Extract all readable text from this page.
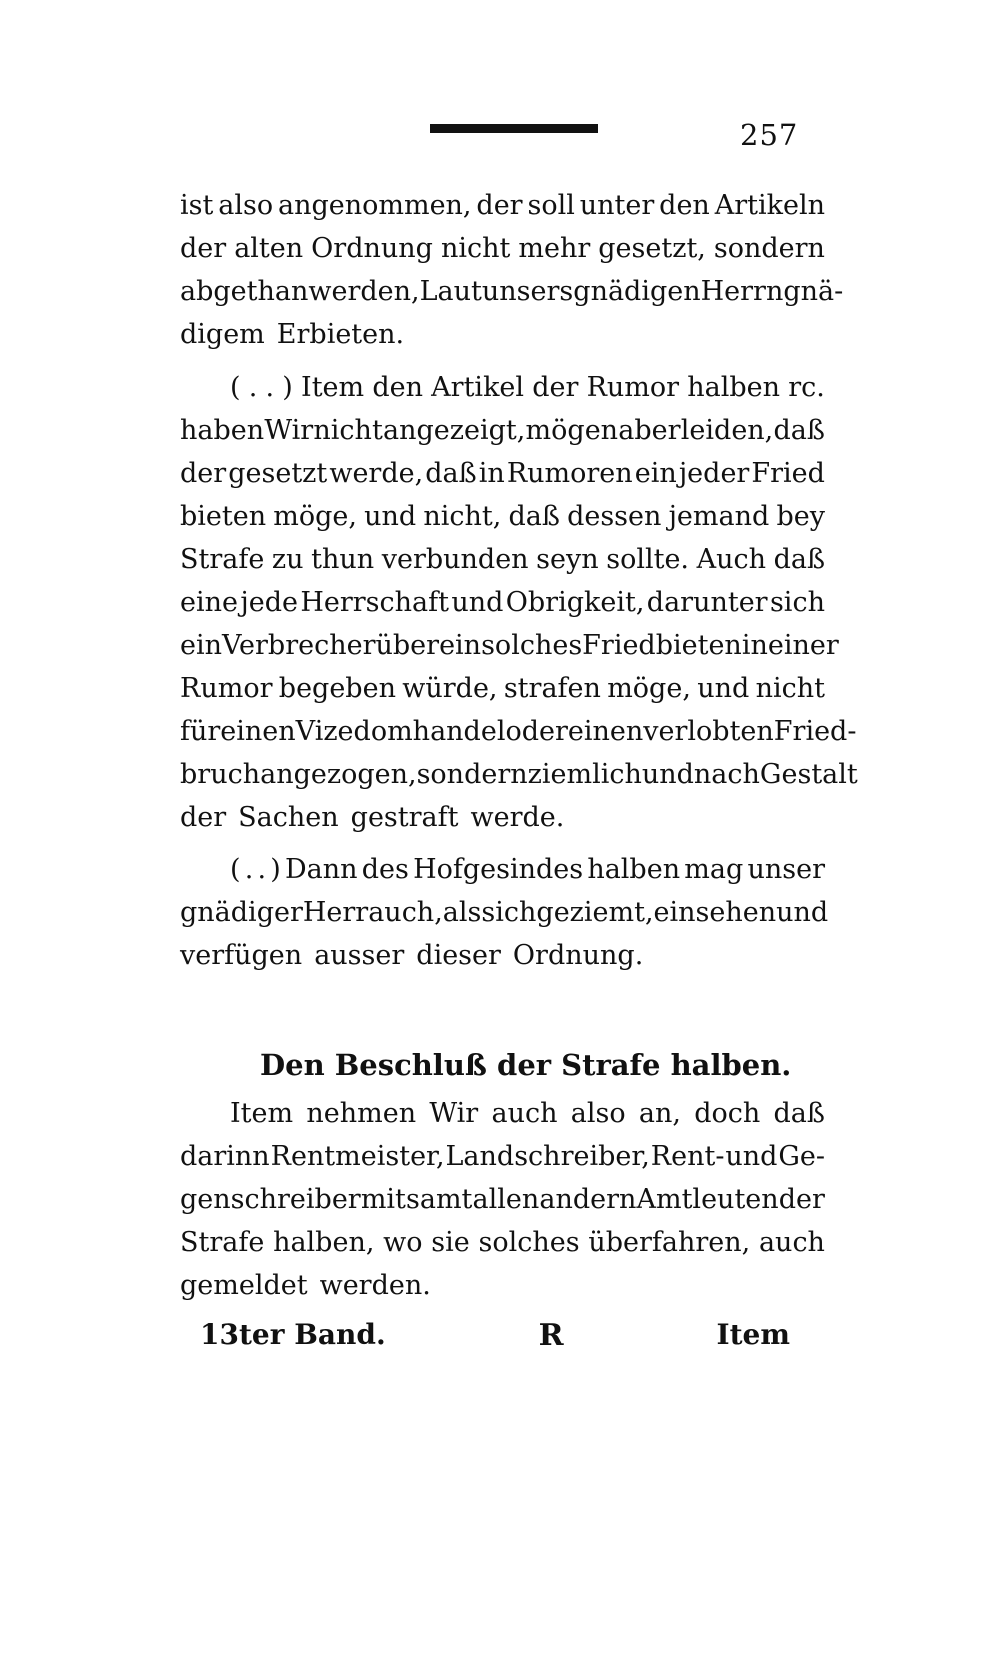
257
ist also angenommen, der soll unter den Artikeln
der alten Ordnung nicht mehr gesetzt, sondern
abgethan werden, Laut unsers gnädigen Herrn gnä-
digem Erbieten.
( . . ) Item den Artikel der Rumor halben rc.
haben Wir nicht angezeigt, mögen aber leiden, daß
der gesetzt werde, daß in Rumoren ein jeder Fried
bieten möge, und nicht, daß dessen jemand bey
Strafe zu thun verbunden seyn sollte. Auch daß
eine jede Herrschaft und Obrigkeit, darunter sich
ein Verbrecher über ein solches Friedbieten in einer
Rumor begeben würde, strafen möge, und nicht
für einen Vizedomhandel oder einen verlobten Fried-
bruch angezogen, sondern ziemlich und nach Gestalt
der Sachen gestraft werde.
( . . ) Dann des Hofgesindes halben mag unser
gnädiger Herr auch, als sich geziemt, einsehen und
verfügen ausser dieser Ordnung.
Den Beschluß der Strafe halben.
Item nehmen Wir auch also an, doch daß
darinn Rentmeister, Landschreiber, Rent- und Ge-
genschreiber mit samt allen andern Amtleuten der
Strafe halben, wo sie solches überfahren, auch
gemeldet werden.
13ter Band.	R	Item
